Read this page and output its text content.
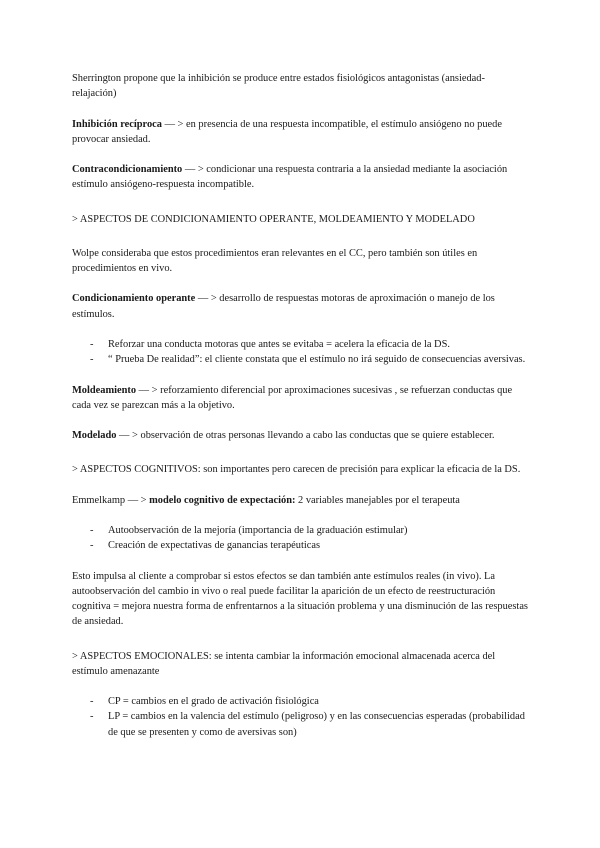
Sherrington propone que la inhibición se produce entre estados fisiológicos antagonistas (ansiedad-relajación)

Inhibición recíproca — > en presencia de una respuesta incompatible, el estímulo ansiógeno no puede provocar ansiedad.

Contracondicionamiento — > condicionar una respuesta contraria a la ansiedad mediante la asociación estímulo ansiógeno-respuesta incompatible.

> ASPECTOS DE CONDICIONAMIENTO OPERANTE, MOLDEAMIENTO Y MODELADO

Wolpe consideraba que estos procedimientos eran relevantes en el CC, pero también son útiles en procedimientos en vivo.

Condicionamiento operante — > desarrollo de respuestas motoras de aproximación o manejo de los estímulos.

- Reforzar una conducta motoras que antes se evitaba = acelera la eficacia de la DS.
- “ Prueba De realidad”: el cliente constata que el estímulo no irá seguido de consecuencias aversivas.

Moldeamiento — > reforzamiento diferencial por aproximaciones sucesivas , se refuerzan conductas que cada vez se parezcan más a la objetivo.

Modelado — > observación de otras personas llevando a cabo las conductas que se quiere establecer.

> ASPECTOS COGNITIVOS: son importantes pero carecen de precisión para explicar la eficacia de la DS.

Emmelkamp — > modelo cognitivo de expectación: 2 variables manejables por el terapeuta

- Autoobservación de la mejoría (importancia de la graduación estimular)
- Creación de expectativas de ganancias terapéuticas

Esto impulsa al cliente a comprobar si estos efectos se dan también ante estímulos reales (in vivo). La autoobservación del cambio in vivo o real puede facilitar la aparición de un efecto de reestructuración cognitiva = mejora nuestra forma de enfrentarnos a la situación problema y una disminución de las respuestas de ansiedad.

> ASPECTOS EMOCIONALES: se intenta cambiar la información emocional almacenada acerca del estímulo amenazante

- CP = cambios en el grado de activación fisiológica
- LP = cambios en la valencia del estímulo (peligroso) y en las consecuencias esperadas (probabilidad de que se presenten y como de aversivas son)
